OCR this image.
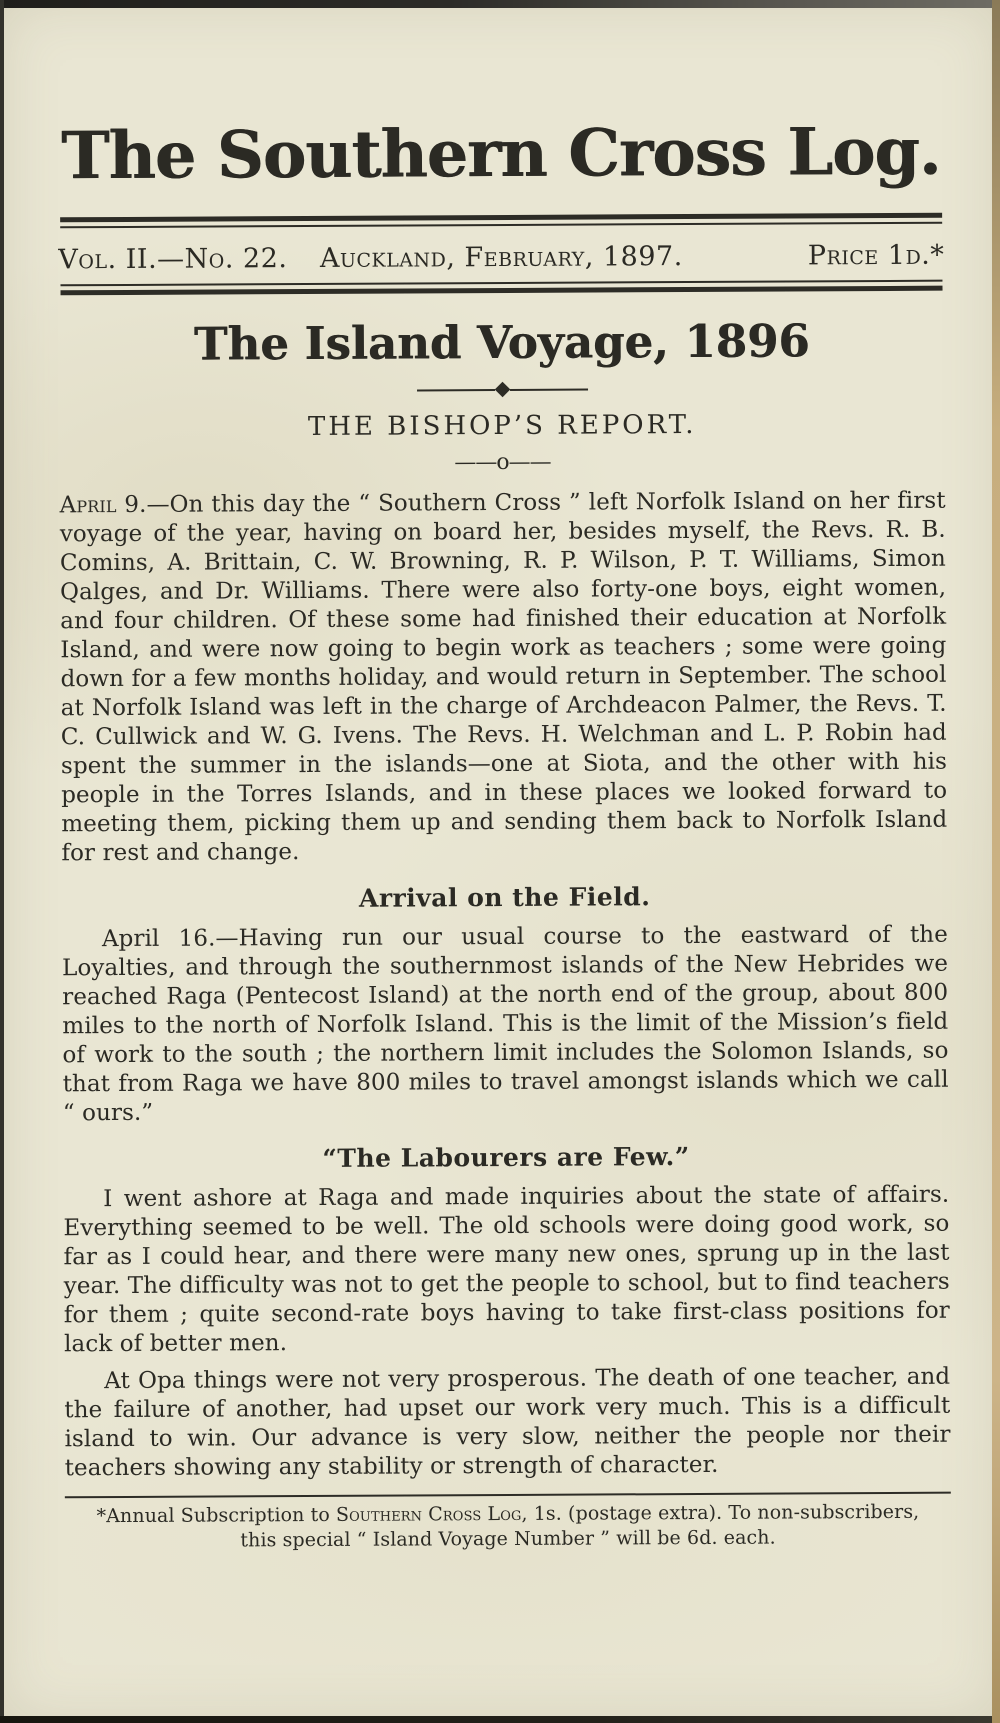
The Southern Cross Log.
Vol. II.—No. 22. Auckland, February, 1897.	Price 1d.*
The Island Voyage, 1896
THE BISHOP’S REPORT.
——o——

April 9.—On this day the “ Southern Cross ” left Norfolk Island on her first voyage of the year, having on board her, besides myself, the Revs. R. B. Comins, A. Brittain, C. W. Browning, R. P. Wilson, P. T. Williams, Simon Qalges, and Dr. Williams. There were also forty-one boys, eight women, and four children. Of these some had finished their education at Norfolk Island, and were now going to begin work as teachers ; some were going down for a few months holiday, and would return in September. The school at Norfolk Island was left in the charge of Archdeacon Palmer, the Revs. T. C. Cullwick and W. G. Ivens. The Revs. H. Welchman and L. P. Robin had spent the summer in the islands—one at Siota, and the other with his people in the Torres Islands, and in these places we looked forward to meeting them, picking them up and sending them back to Norfolk Island for rest and change.

Arrival on the Field.

April 16.—Having run our usual course to the eastward of the Loyalties, and through the southernmost islands of the New Hebrides we reached Raga (Pentecost Island) at the north end of the group, about 800 miles to the north of Norfolk Island. This is the limit of the Mission’s field of work to the south ; the northern limit includes the Solomon Islands, so that from Raga we have 800 miles to travel amongst islands which we call “ ours.”

“The Labourers are Few.”

I went ashore at Raga and made inquiries about the state of affairs. Everything seemed to be well. The old schools were doing good work, so far as I could hear, and there were many new ones, sprung up in the last year. The difficulty was not to get the people to school, but to find teachers for them ; quite second-rate boys having to take first-class positions for lack of better men.

At Opa things were not very prosperous. The death of one teacher, and the failure of another, had upset our work very much. This is a difficult island to win. Our advance is very slow, neither the people nor their teachers showing any stability or strength of character.

*Annual Subscription to Southern Cross Log, 1s. (postage extra). To non-subscribers,
this special “ Island Voyage Number ” will be 6d. each.
